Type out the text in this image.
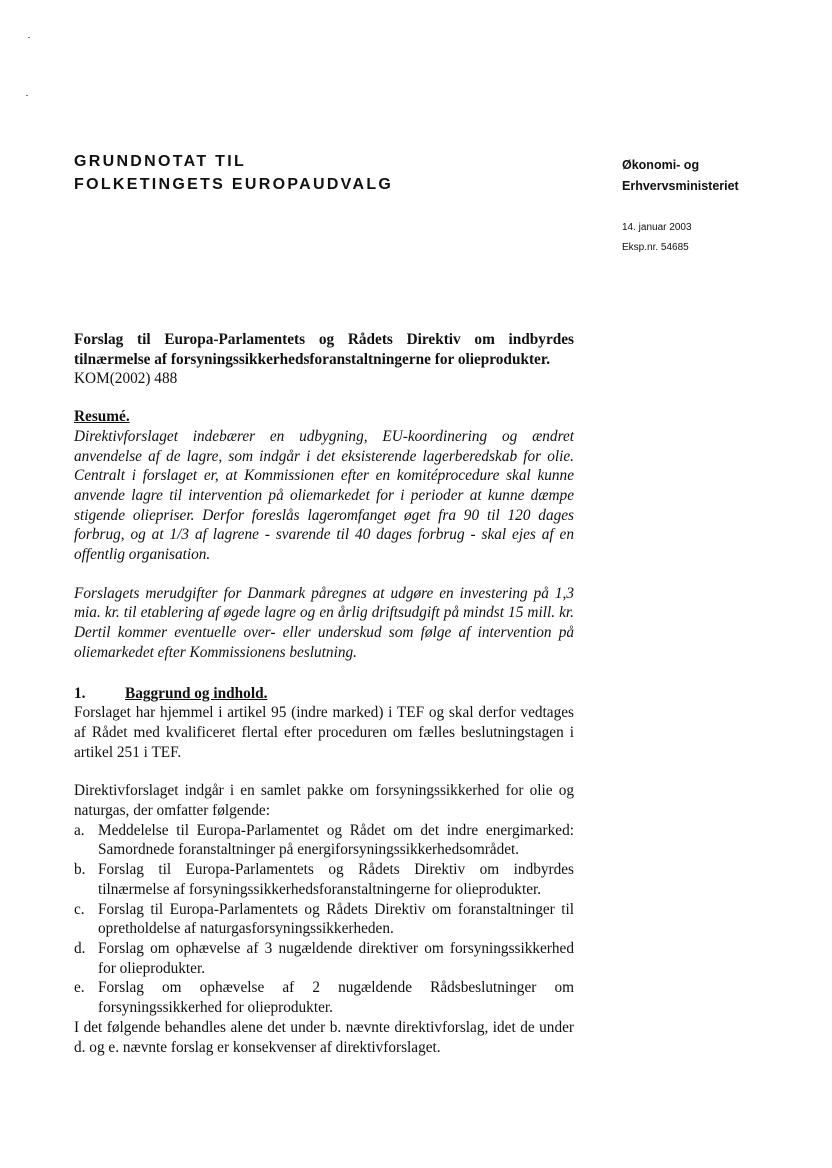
GRUNDNOTAT TIL
FOLKETINGETS EUROPAUDVALG
Økonomi- og
Erhvervsministeriet
14. januar 2003
Eksp.nr. 54685
Forslag til Europa-Parlamentets og Rådets Direktiv om indbyrdes tilnærmelse af forsyningssikkerhedsforanstaltningerne for olieprodukter.
KOM(2002) 488
Resumé.
Direktivforslaget indebærer en udbygning, EU-koordinering og ændret anvendelse af de lagre, som indgår i det eksisterende lagerberedskab for olie. Centralt i forslaget er, at Kommissionen efter en komitéprocedure skal kunne anvende lagre til intervention på oliemarkedet for i perioder at kunne dæmpe stigende oliepriser. Derfor foreslås lageromfanget øget fra 90 til 120 dages forbrug, og at 1/3 af lagrene - svarende til 40 dages forbrug - skal ejes af en offentlig organisation.
Forslagets merudgifter for Danmark påregnes at udgøre en investering på 1,3 mia. kr. til etablering af øgede lagre og en årlig driftsudgift på mindst 15 mill. kr. Dertil kommer eventuelle over- eller underskud som følge af intervention på oliemarkedet efter Kommissionens beslutning.
1.	Baggrund og indhold.
Forslaget har hjemmel i artikel 95 (indre marked) i TEF og skal derfor vedtages af Rådet med kvalificeret flertal efter proceduren om fælles beslutningstagen i artikel 251 i TEF.
Direktivforslaget indgår i en samlet pakke om forsyningssikkerhed for olie og naturgas, der omfatter følgende:
a. Meddelelse til Europa-Parlamentet og Rådet om det indre energimarked: Samordnede foranstaltninger på energiforsyningssikkerhedsområdet.
b. Forslag til Europa-Parlamentets og Rådets Direktiv om indbyrdes tilnærmelse af forsyningssikkerhedsforanstaltningerne for olieprodukter.
c. Forslag til Europa-Parlamentets og Rådets Direktiv om foranstaltninger til opretholdelse af naturgasforsyningssikkerheden.
d. Forslag om ophævelse af 3 nugældende direktiver om forsyningssikkerhed for olieprodukter.
e. Forslag om ophævelse af 2 nugældende Rådsbeslutninger om forsyningssikkerhed for olieprodukter.
I det følgende behandles alene det under b. nævnte direktivforslag, idet de under d. og e. nævnte forslag er konsekvenser af direktivforslaget.
